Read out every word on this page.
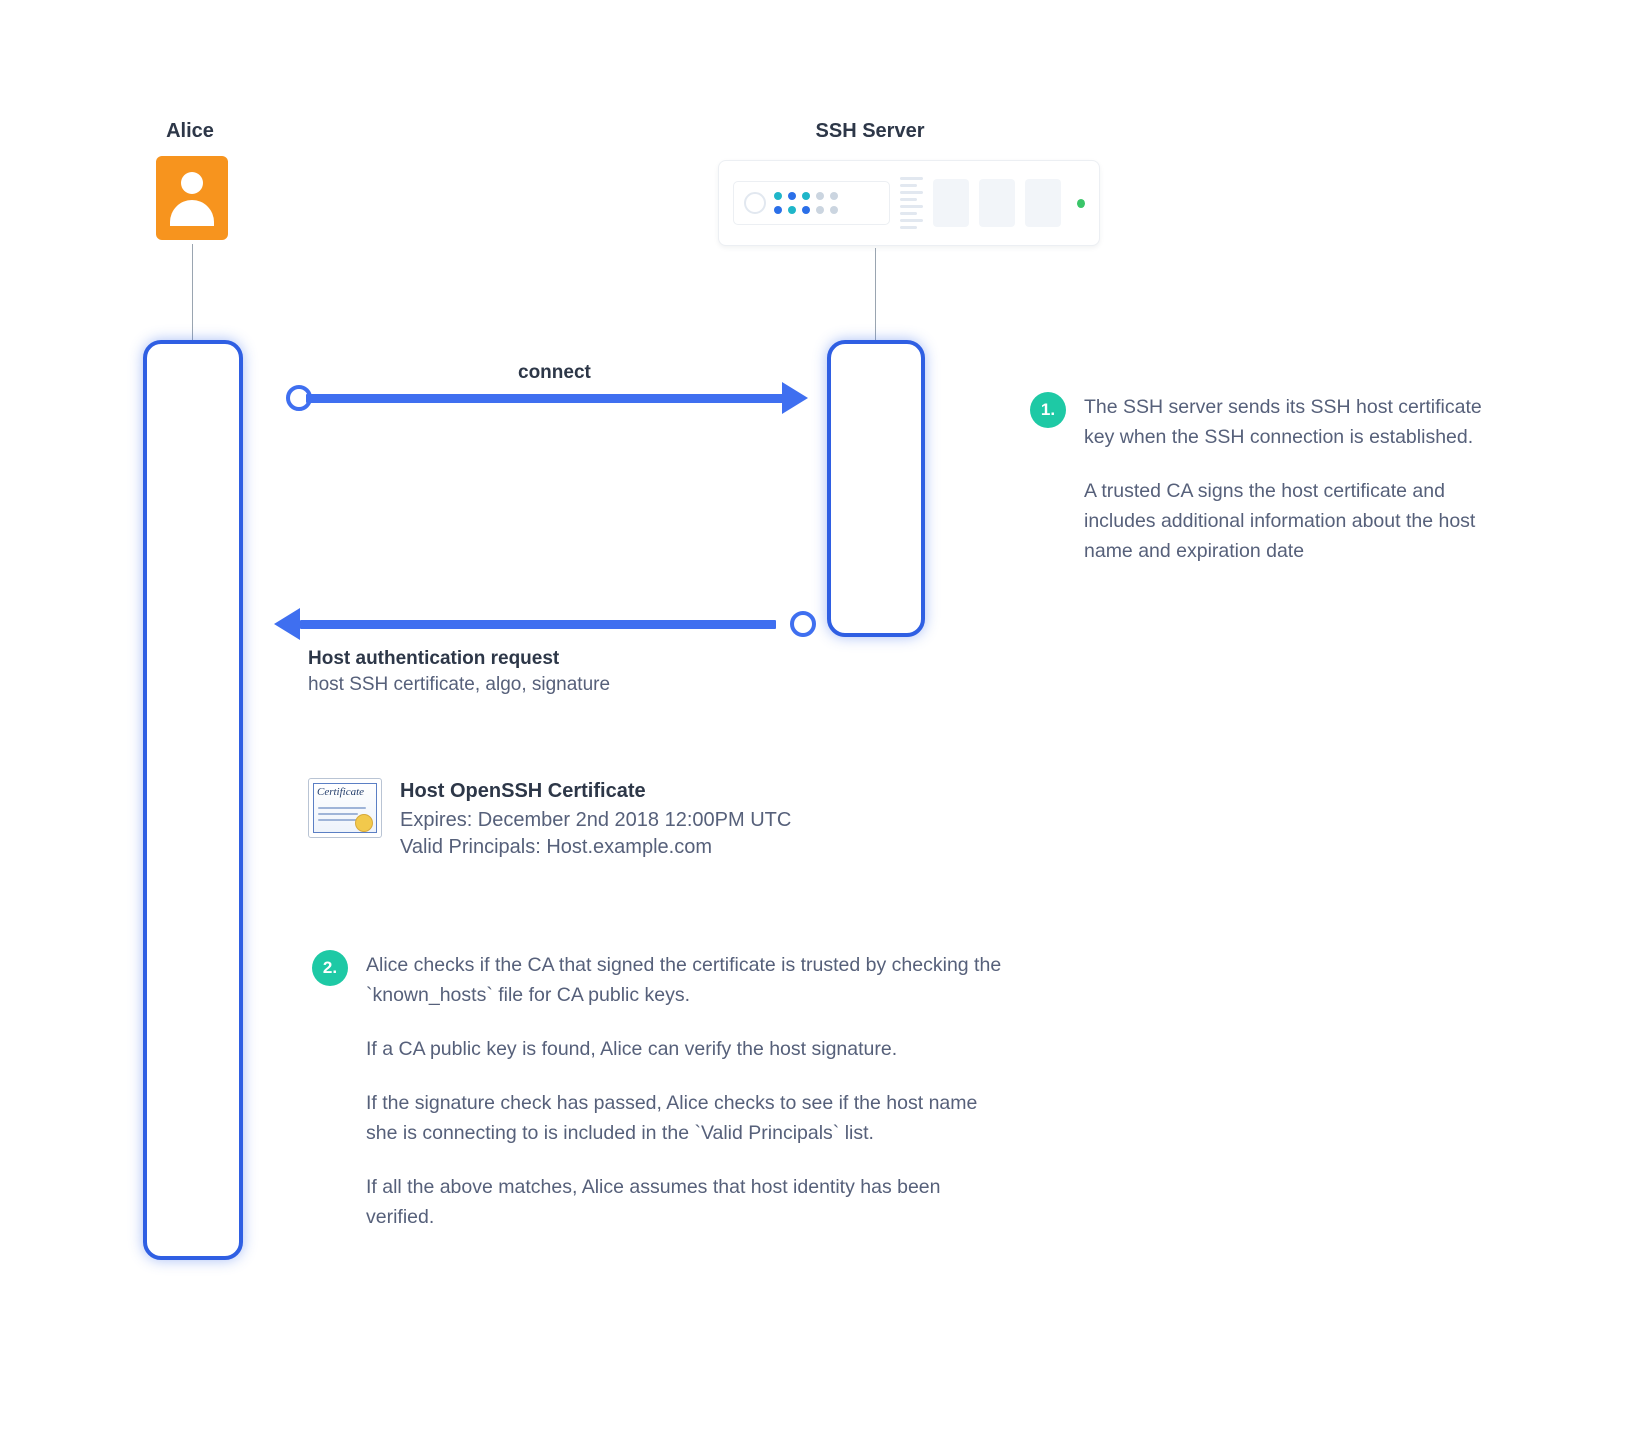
Alice	SSH Server
connect

Host authentication request

host SSH certificate, algo, signature

Certificate Host OpenSSH Certificate

Expires: December 2nd 2018 12:00PM UTC

Valid Principals: Host.example.com

1.	The SSH server sends its SSH host certificate key when the SSH connection is established.

A trusted CA signs the host certificate and includes additional information about the host name and expiration date

2.	Alice checks if the CA that signed the certificate is trusted by checking the `known_hosts` file for CA public keys.

If a CA public key is found, Alice can verify the host signature.

If the signature check has passed, Alice checks to see if the host name she is connecting to is included in the `Valid Principals` list.

If all the above matches, Alice assumes that host identity has been verified.
